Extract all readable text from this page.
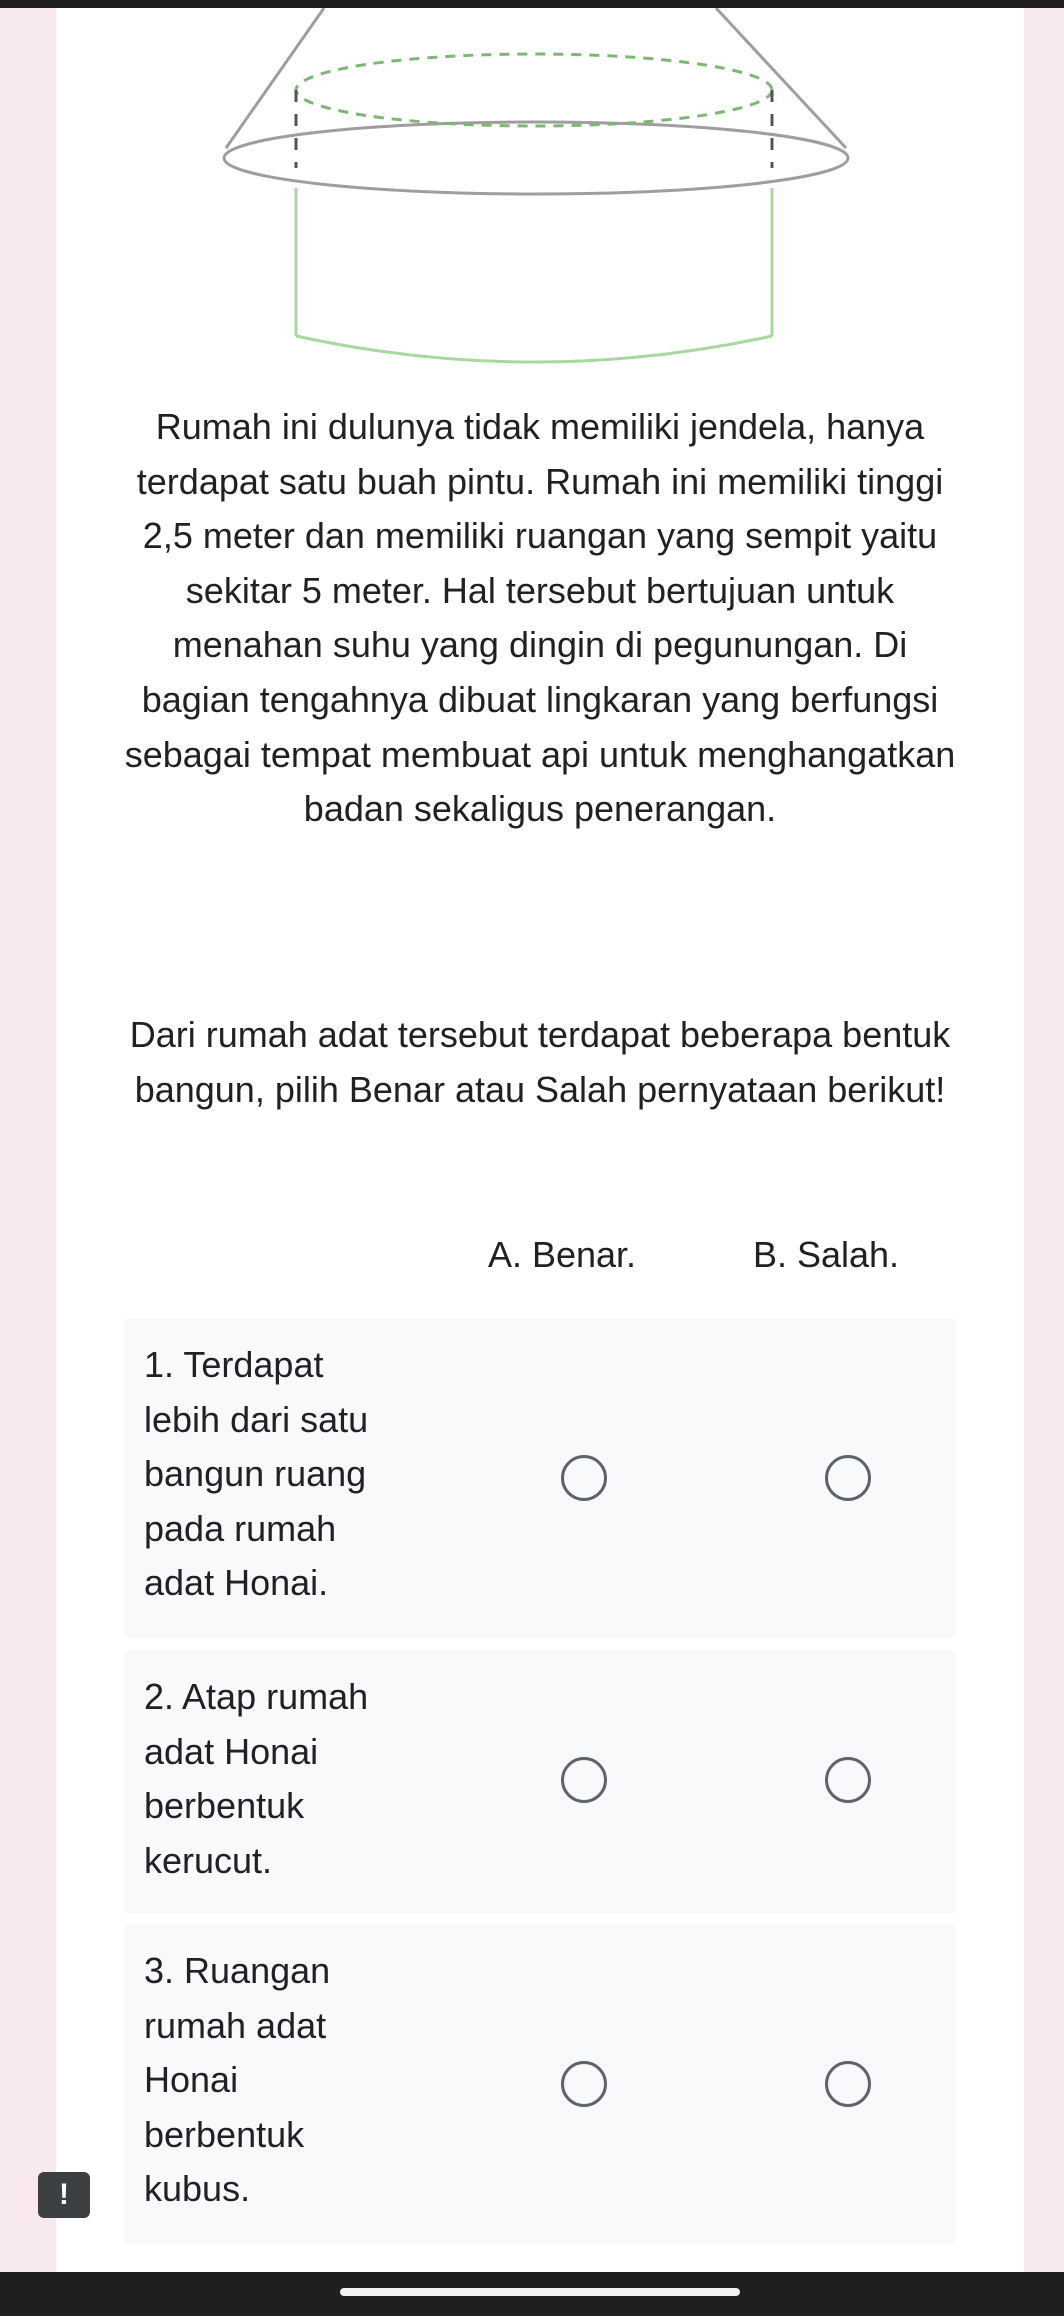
Rumah ini dulunya tidak memiliki jendela, hanya terdapat satu buah pintu. Rumah ini memiliki tinggi 2,5 meter dan memiliki ruangan yang sempit yaitu sekitar 5 meter. Hal tersebut bertujuan untuk menahan suhu yang dingin di pegunungan. Di bagian tengahnya dibuat lingkaran yang berfungsi sebagai tempat membuat api untuk menghangatkan badan sekaligus penerangan.

Dari rumah adat tersebut terdapat beberapa bentuk bangun, pilih Benar atau Salah pernyataan berikut!

A. Benar.	B. Salah.

1. Terdapat lebih dari satu bangun ruang pada rumah adat Honai.

2. Atap rumah adat Honai berbentuk kerucut.

3. Ruangan rumah adat Honai berbentuk kubus.

!
